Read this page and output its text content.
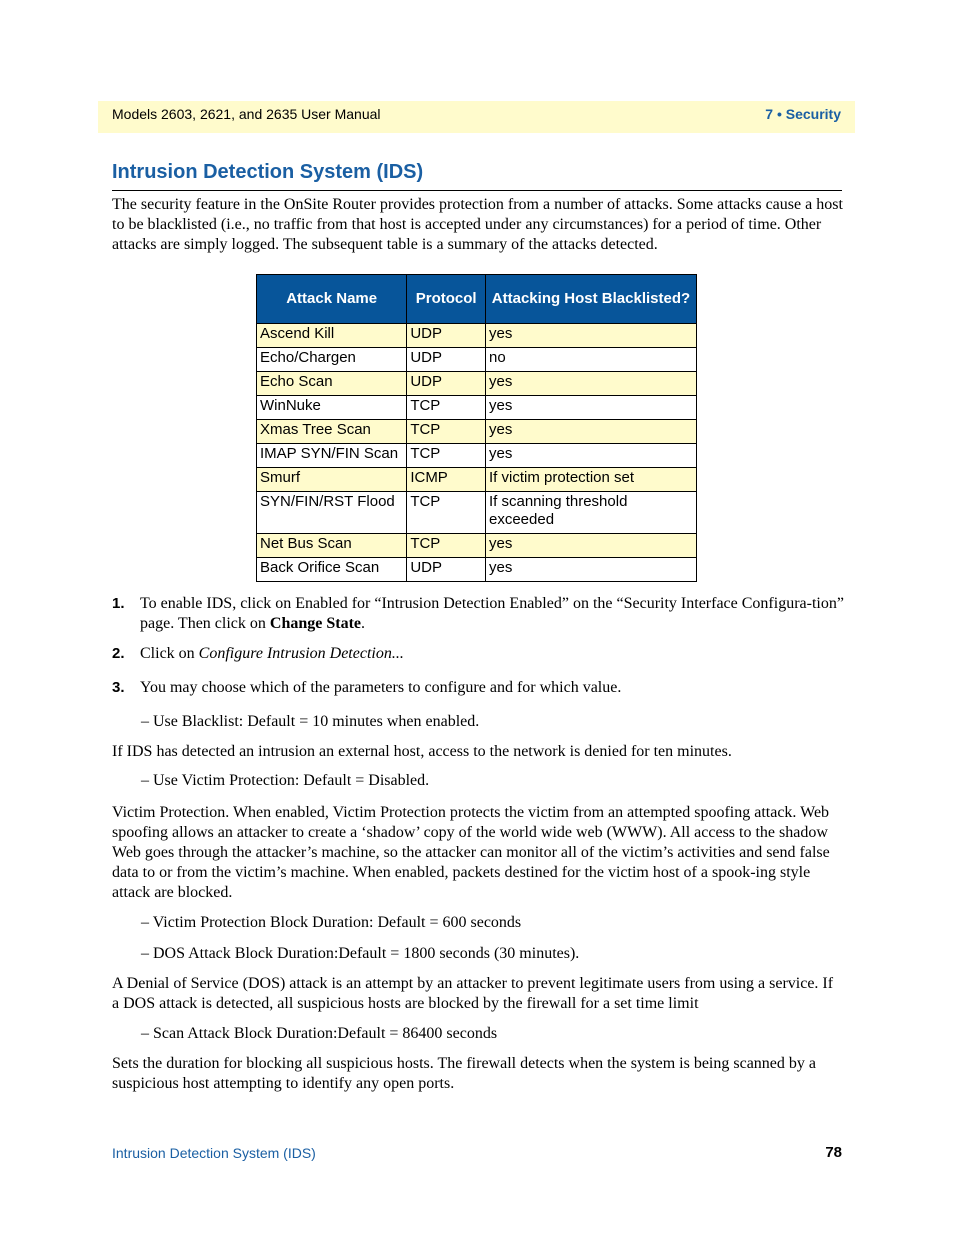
Models 2603, 2621, and 2635 User Manual	7 • Security
Intrusion Detection System (IDS)

The security feature in the OnSite Router provides protection from a number of attacks. Some attacks cause a host to be blacklisted (i.e., no traffic from that host is accepted under any circumstances) for a period of time. Other attacks are simply logged. The subsequent table is a summary of the attacks detected.

Attack Name	Protocol	Attacking Host Blacklisted?
Ascend Kill	UDP	yes
Echo/Chargen	UDP	no
Echo Scan	UDP	yes
WinNuke	TCP	yes
Xmas Tree Scan	TCP	yes
IMAP SYN/FIN Scan	TCP	yes
Smurf	ICMP	If victim protection set
SYN/FIN/RST Flood	TCP	If scanning threshold exceeded
Net Bus Scan	TCP	yes
Back Orifice Scan	UDP	yes
1. To enable IDS, click on Enabled for “Intrusion Detection Enabled” on the “Security Interface Configura-tion” page. Then click on Change State.
2. Click on Configure Intrusion Detection...
3. You may choose which of the parameters to configure and for which value.

– Use Blacklist: Default = 10 minutes when enabled.

If IDS has detected an intrusion an external host, access to the network is denied for ten minutes.

– Use Victim Protection: Default = Disabled.

Victim Protection. When enabled, Victim Protection protects the victim from an attempted spoofing attack. Web spoofing allows an attacker to create a ‘shadow’ copy of the world wide web (WWW). All access to the shadow Web goes through the attacker’s machine, so the attacker can monitor all of the victim’s activities and send false data to or from the victim’s machine. When enabled, packets destined for the victim host of a spook-ing style attack are blocked.

– Victim Protection Block Duration: Default = 600 seconds

– DOS Attack Block Duration:Default = 1800 seconds (30 minutes).

A Denial of Service (DOS) attack is an attempt by an attacker to prevent legitimate users from using a service. If a DOS attack is detected, all suspicious hosts are blocked by the firewall for a set time limit

– Scan Attack Block Duration:Default = 86400 seconds

Sets the duration for blocking all suspicious hosts. The firewall detects when the system is being scanned by a suspicious host attempting to identify any open ports.

Intrusion Detection System (IDS)	78
